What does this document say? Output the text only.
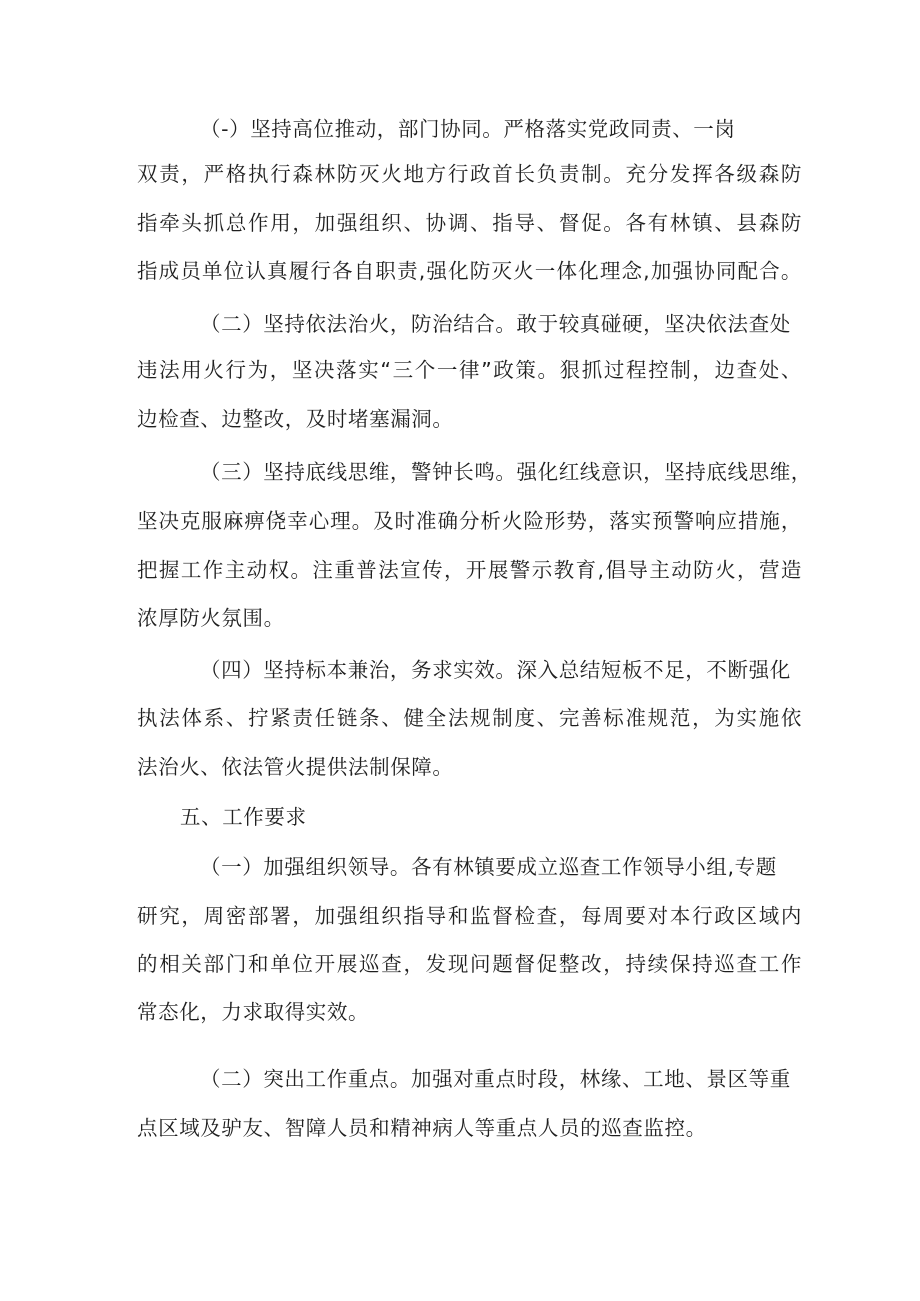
（-）坚持高位推动，部门协同。严格落实党政同责、一岗
双责，严格执行森林防灭火地方行政首长负责制。充分发挥各级森防
指牵头抓总作用，加强组织、协调、指导、督促。各有林镇、县森防
指成员单位认真履行各自职责,强化防灭火一体化理念,加强协同配合。
（二）坚持依法治火，防治结合。敢于较真碰硬，坚决依法查处
违法用火行为，坚决落实“三个一律”政策。狠抓过程控制，边查处、
边检查、边整改，及时堵塞漏洞。
（三）坚持底线思维，警钟长鸣。强化红线意识，坚持底线思维，
坚决克服麻痹侥幸心理。及时准确分析火险形势，落实预警响应措施，
把握工作主动权。注重普法宣传，开展警示教育,倡导主动防火，营造
浓厚防火氛围。
（四）坚持标本兼治，务求实效。深入总结短板不足，不断强化
执法体系、拧紧责任链条、健全法规制度、完善标准规范，为实施依
法治火、依法管火提供法制保障。
五、工作要求
（一）加强组织领导。各有林镇要成立巡查工作领导小组,专题
研究，周密部署，加强组织指导和监督检查，每周要对本行政区域内
的相关部门和单位开展巡查，发现问题督促整改，持续保持巡查工作
常态化，力求取得实效。
（二）突出工作重点。加强对重点时段，林缘、工地、景区等重
点区域及驴友、智障人员和精神病人等重点人员的巡查监控。
